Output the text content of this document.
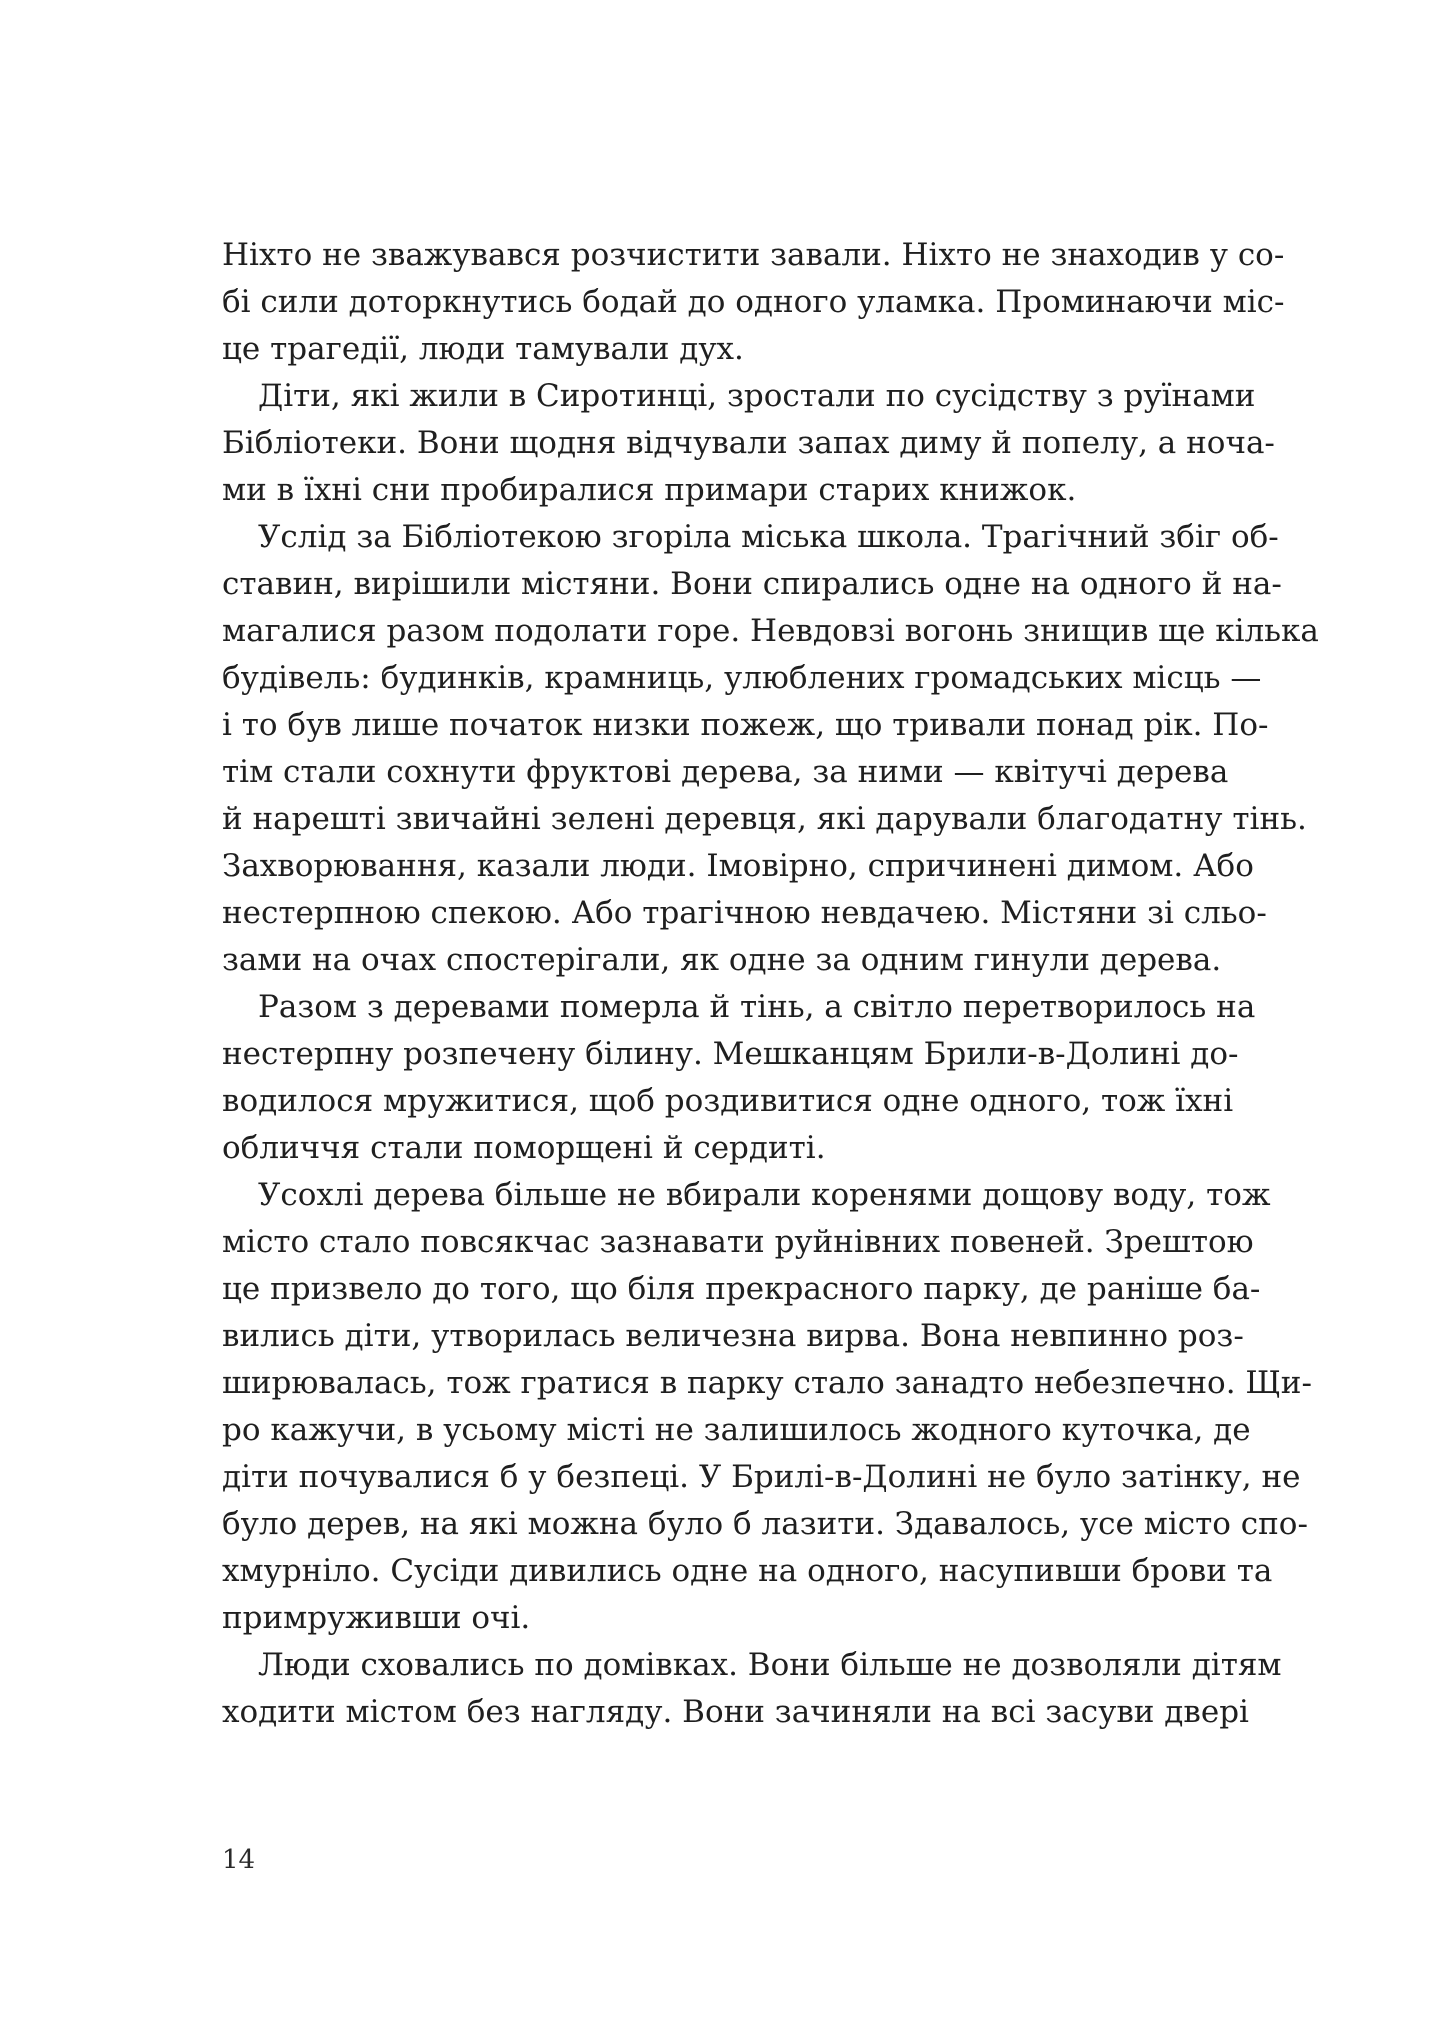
Ніхто не зважувався розчистити завали. Ніхто не знаходив у со-
бі сили доторкнутись бодай до одного уламка. Проминаючи міс-
це трагедії, люди тамували дух.

Діти, які жили в Сиротинці, зростали по сусідству з руїнами
Бібліотеки. Вони щодня відчували запах диму й попелу, а ноча-
ми в їхні сни пробиралися примари старих книжок.

Услід за Бібліотекою згоріла міська школа. Трагічний збіг об-
ставин, вирішили містяни. Вони спирались одне на одного й на-
магалися разом подолати горе. Невдовзі вогонь знищив ще кілька
будівель: будинків, крамниць, улюблених громадських місць —
і то був лише початок низки пожеж, що тривали понад рік. По-
тім стали сохнути фруктові дерева, за ними — квітучі дерева
й нарешті звичайні зелені деревця, які дарували благодатну тінь.
Захворювання, казали люди. Імовірно, спричинені димом. Або
нестерпною спекою. Або трагічною невдачею. Містяни зі сльо-
зами на очах спостерігали, як одне за одним гинули дерева.

Разом з деревами померла й тінь, а світло перетворилось на
нестерпну розпечену білину. Мешканцям Брили-в-Долині до-
водилося мружитися, щоб роздивитися одне одного, тож їхні
обличчя стали поморщені й сердиті.

Усохлі дерева більше не вбирали коренями дощову воду, тож
місто стало повсякчас зазнавати руйнівних повеней. Зрештою
це призвело до того, що біля прекрасного парку, де раніше ба-
вились діти, утворилась величезна вирва. Вона невпинно роз-
ширювалась, тож гратися в парку стало занадто небезпечно. Щи-
ро кажучи, в усьому місті не залишилось жодного куточка, де
діти почувалися б у безпеці. У Брилі-в-Долині не було затінку, не
було дерев, на які можна було б лазити. Здавалось, усе місто спо-
хмурніло. Сусіди дивились одне на одного, насупивши брови та
примруживши очі.

Люди сховались по домівках. Вони більше не дозволяли дітям
ходити містом без нагляду. Вони зачиняли на всі засуви двері

14
